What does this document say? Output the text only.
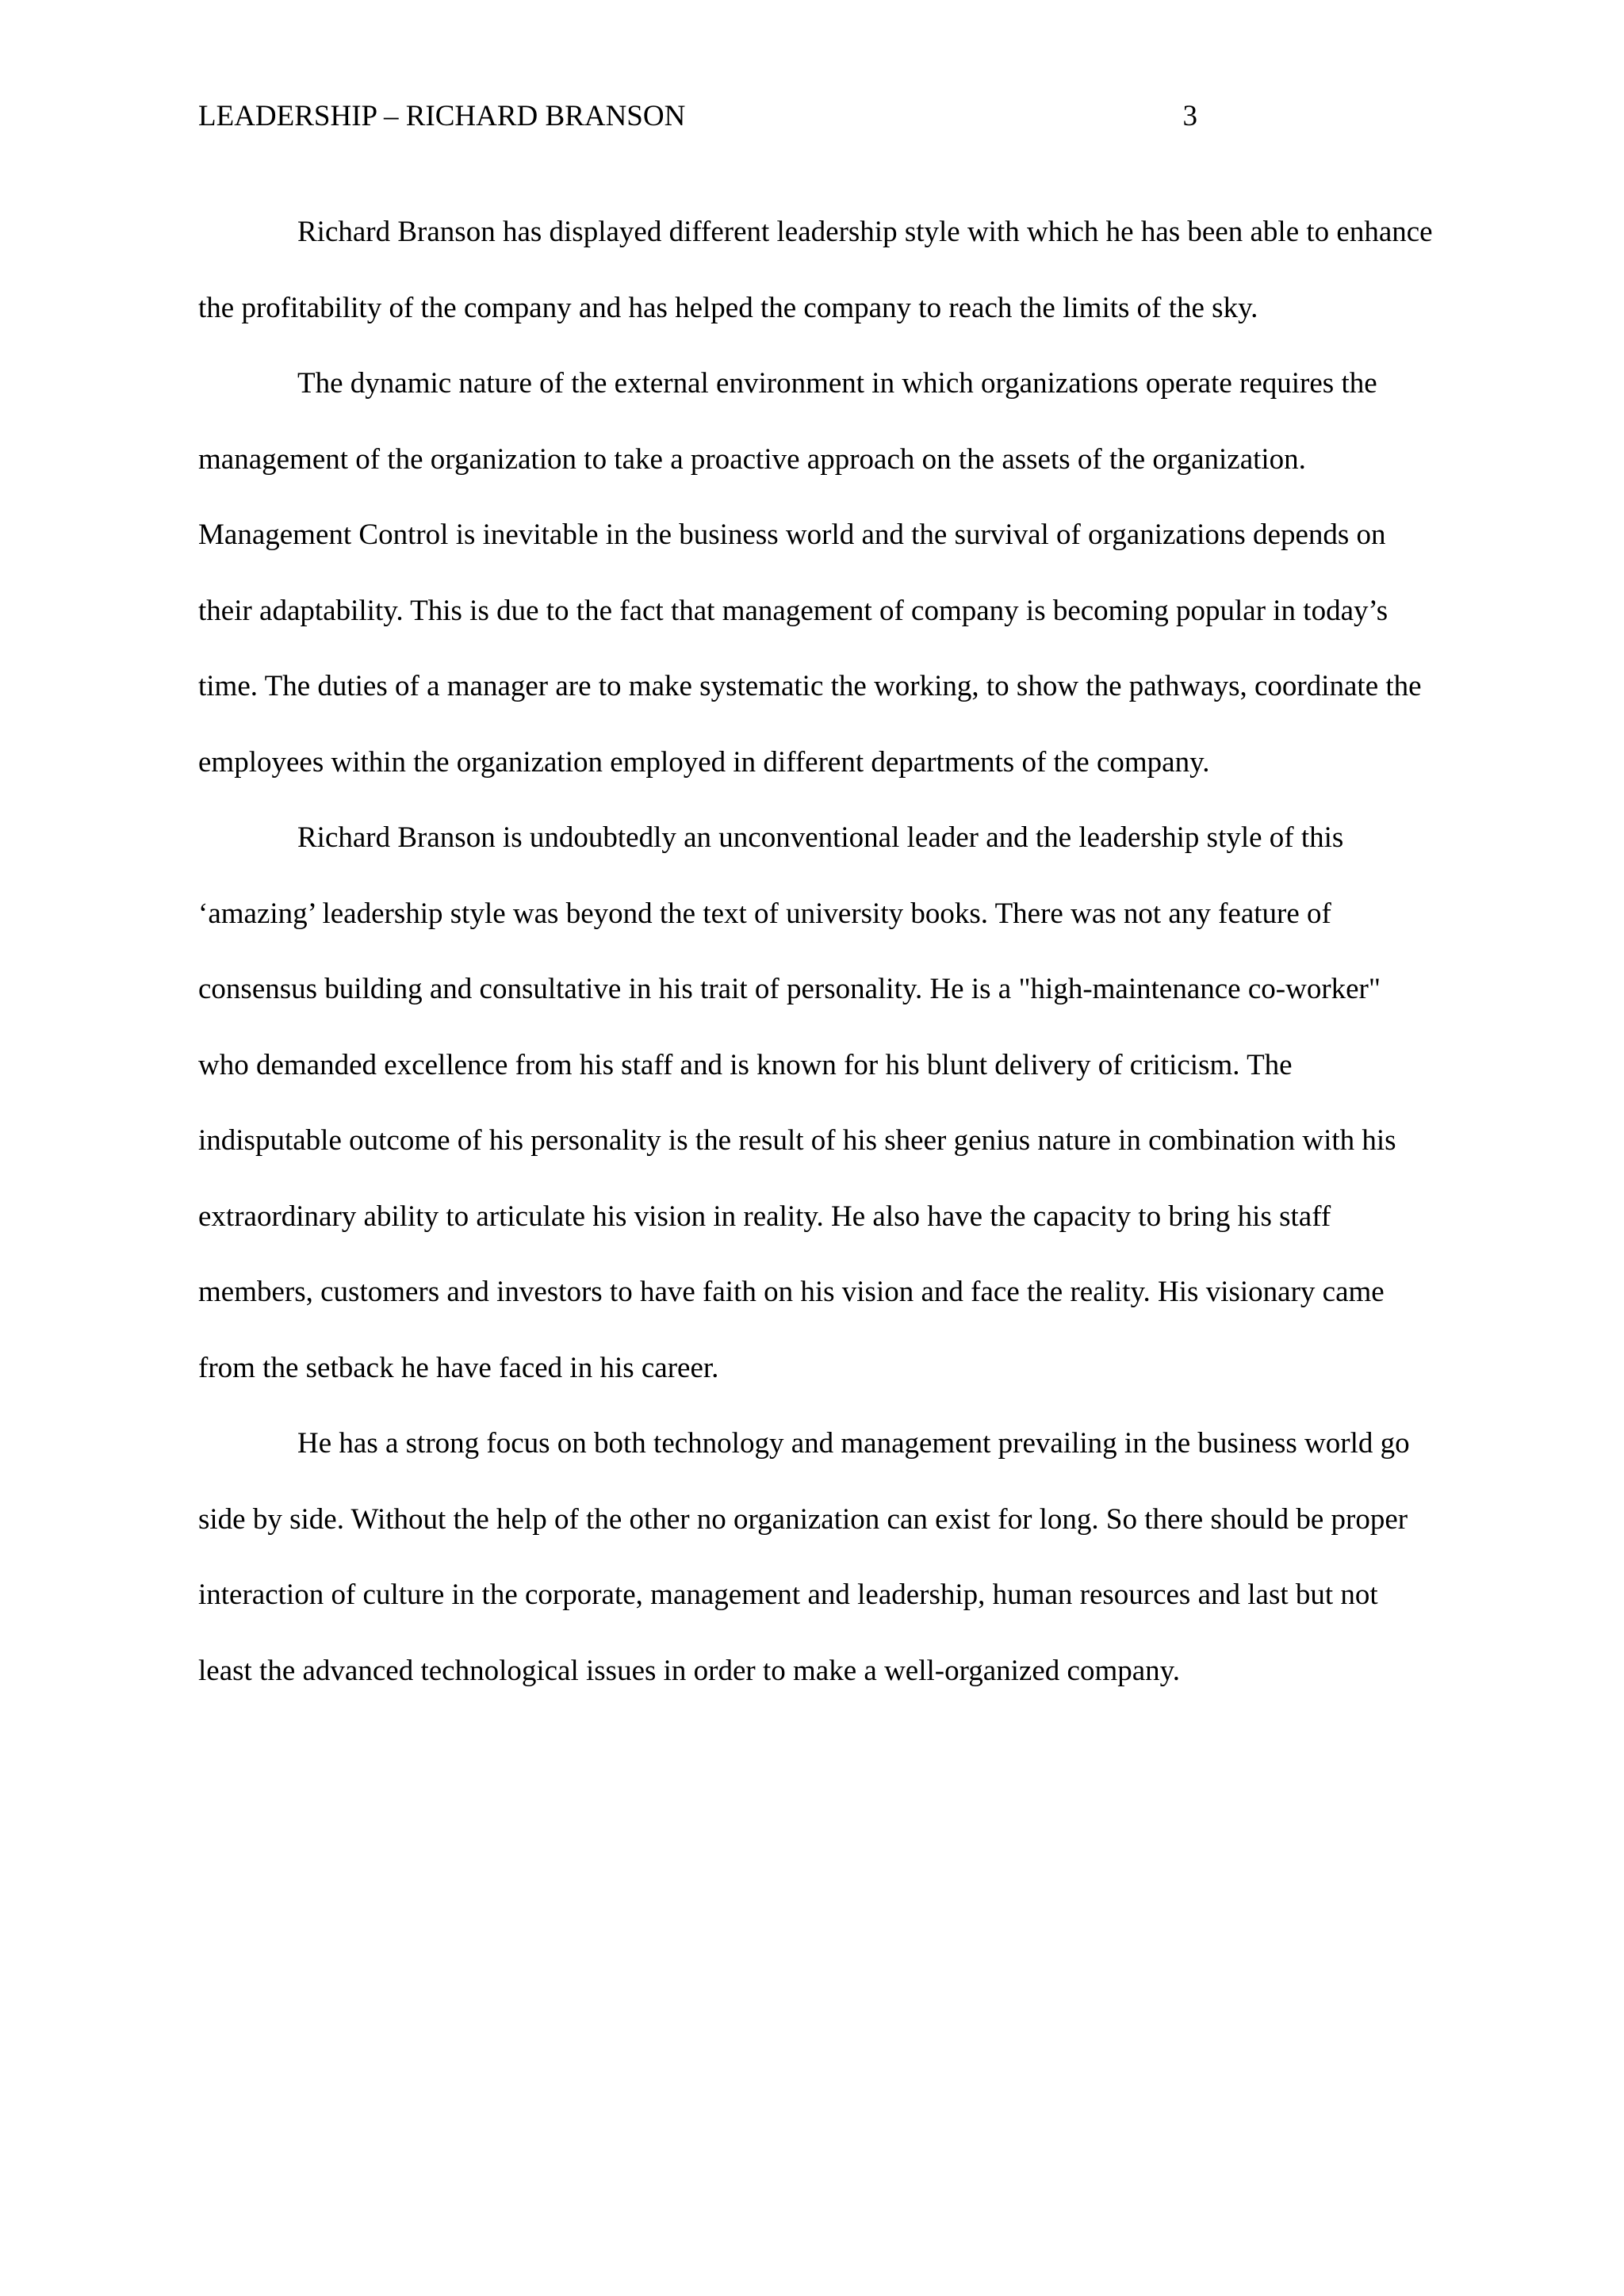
LEADERSHIP – RICHARD BRANSON	3

Richard Branson has displayed different leadership style with which he has been able to enhance the profitability of the company and has helped the company to reach the limits of the sky.

The dynamic nature of the external environment in which organizations operate requires the management of the organization to take a proactive approach on the assets of the organization. Management Control is inevitable in the business world and the survival of organizations depends on their adaptability. This is due to the fact that management of company is becoming popular in today’s time. The duties of a manager are to make systematic the working, to show the pathways, coordinate the employees within the organization employed in different departments of the company.

Richard Branson is undoubtedly an unconventional leader and the leadership style of this ‘amazing’ leadership style was beyond the text of university books. There was not any feature of consensus building and consultative in his trait of personality. He is a "high-maintenance co-worker" who demanded excellence from his staff and is known for his blunt delivery of criticism. The indisputable outcome of his personality is the result of his sheer genius nature in combination with his extraordinary ability to articulate his vision in reality. He also have the capacity to bring his staff members, customers and investors to have faith on his vision and face the reality. His visionary came from the setback he have faced in his career.

He has a strong focus on both technology and management prevailing in the business world go side by side. Without the help of the other no organization can exist for long. So there should be proper interaction of culture in the corporate, management and leadership, human resources and last but not least the advanced technological issues in order to make a well-organized company.
